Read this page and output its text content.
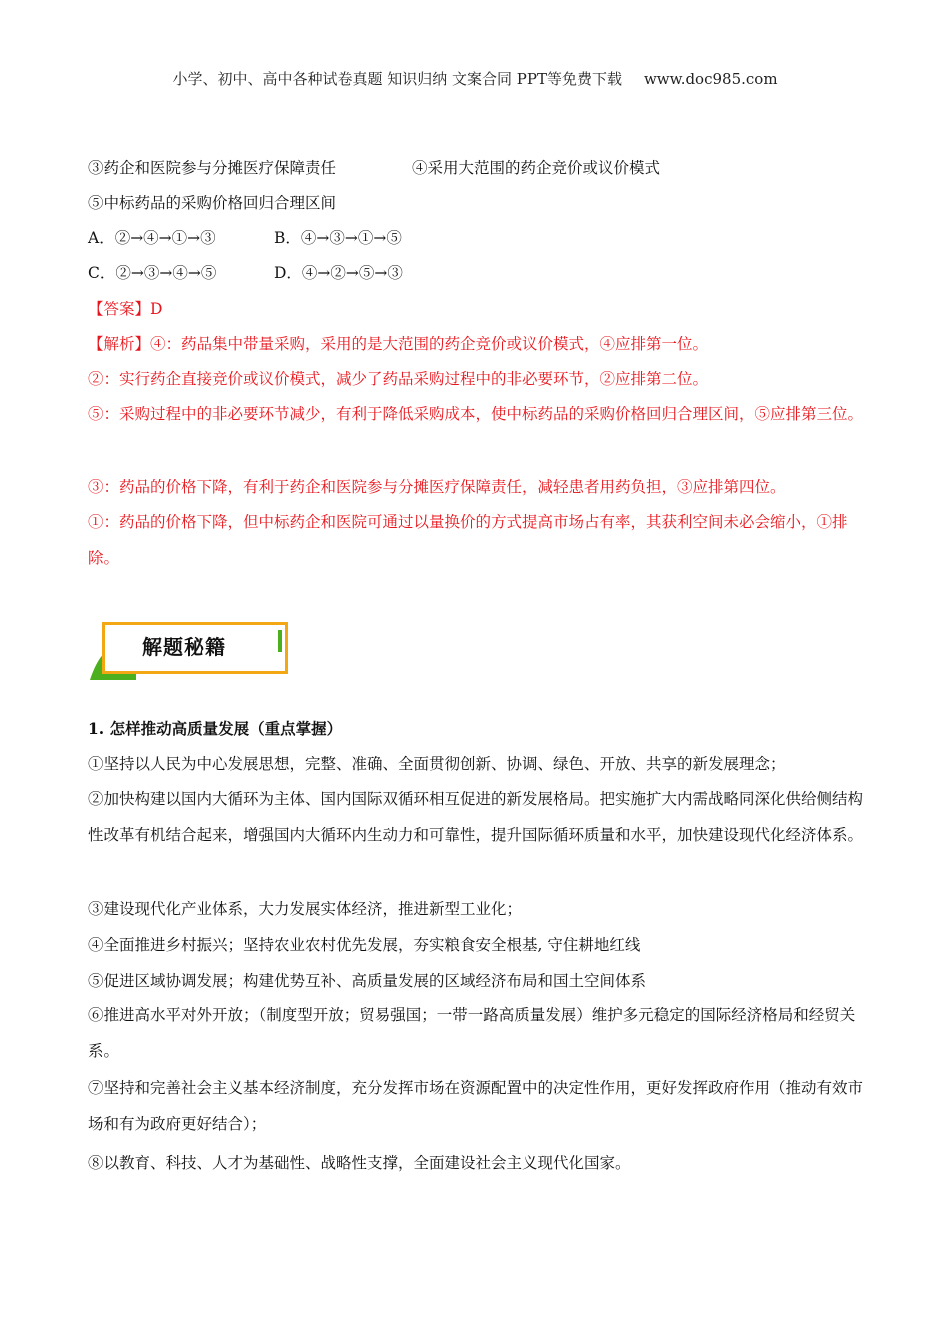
小学、初中、高中各种试卷真题 知识归纳 文案合同 PPT等免费下载 www.doc985.com
③药企和医院参与分摊医疗保障责任	④采用大范围的药企竞价或议价模式
⑤中标药品的采购价格回归合理区间
A．②→④→①→③	B．④→③→①→⑤
C．②→③→④→⑤	D．④→②→⑤→③
【答案】D
【解析】④：药品集中带量采购，采用的是大范围的药企竞价或议价模式，④应排第一位。
②：实行药企直接竞价或议价模式，减少了药品采购过程中的非必要环节，②应排第二位。
⑤：采购过程中的非必要环节减少，有利于降低采购成本，使中标药品的采购价格回归合理区间，⑤应排第三位。
③：药品的价格下降，有利于药企和医院参与分摊医疗保障责任，减轻患者用药负担，③应排第四位。
①：药品的价格下降，但中标药企和医院可通过以量换价的方式提高市场占有率，其获利空间未必会缩小，①排除。
解题秘籍
1. 怎样推动高质量发展（重点掌握）
①坚持以人民为中心发展思想，完整、准确、全面贯彻创新、协调、绿色、开放、共享的新发展理念；
②加快构建以国内大循环为主体、国内国际双循环相互促进的新发展格局。把实施扩大内需战略同深化供给侧结构性改革有机结合起来，增强国内大循环内生动力和可靠性，提升国际循环质量和水平，加快建设现代化经济体系。
③建设现代化产业体系，大力发展实体经济，推进新型工业化；
④全面推进乡村振兴；坚持农业农村优先发展，夯实粮食安全根基, 守住耕地红线
⑤促进区域协调发展；构建优势互补、高质量发展的区域经济布局和国土空间体系
⑥推进高水平对外开放；（制度型开放；贸易强国；一带一路高质量发展）维护多元稳定的国际经济格局和经贸关系。
⑦坚持和完善社会主义基本经济制度，充分发挥市场在资源配置中的决定性作用，更好发挥政府作用（推动有效市场和有为政府更好结合）；
⑧以教育、科技、人才为基础性、战略性支撑，全面建设社会主义现代化国家。
